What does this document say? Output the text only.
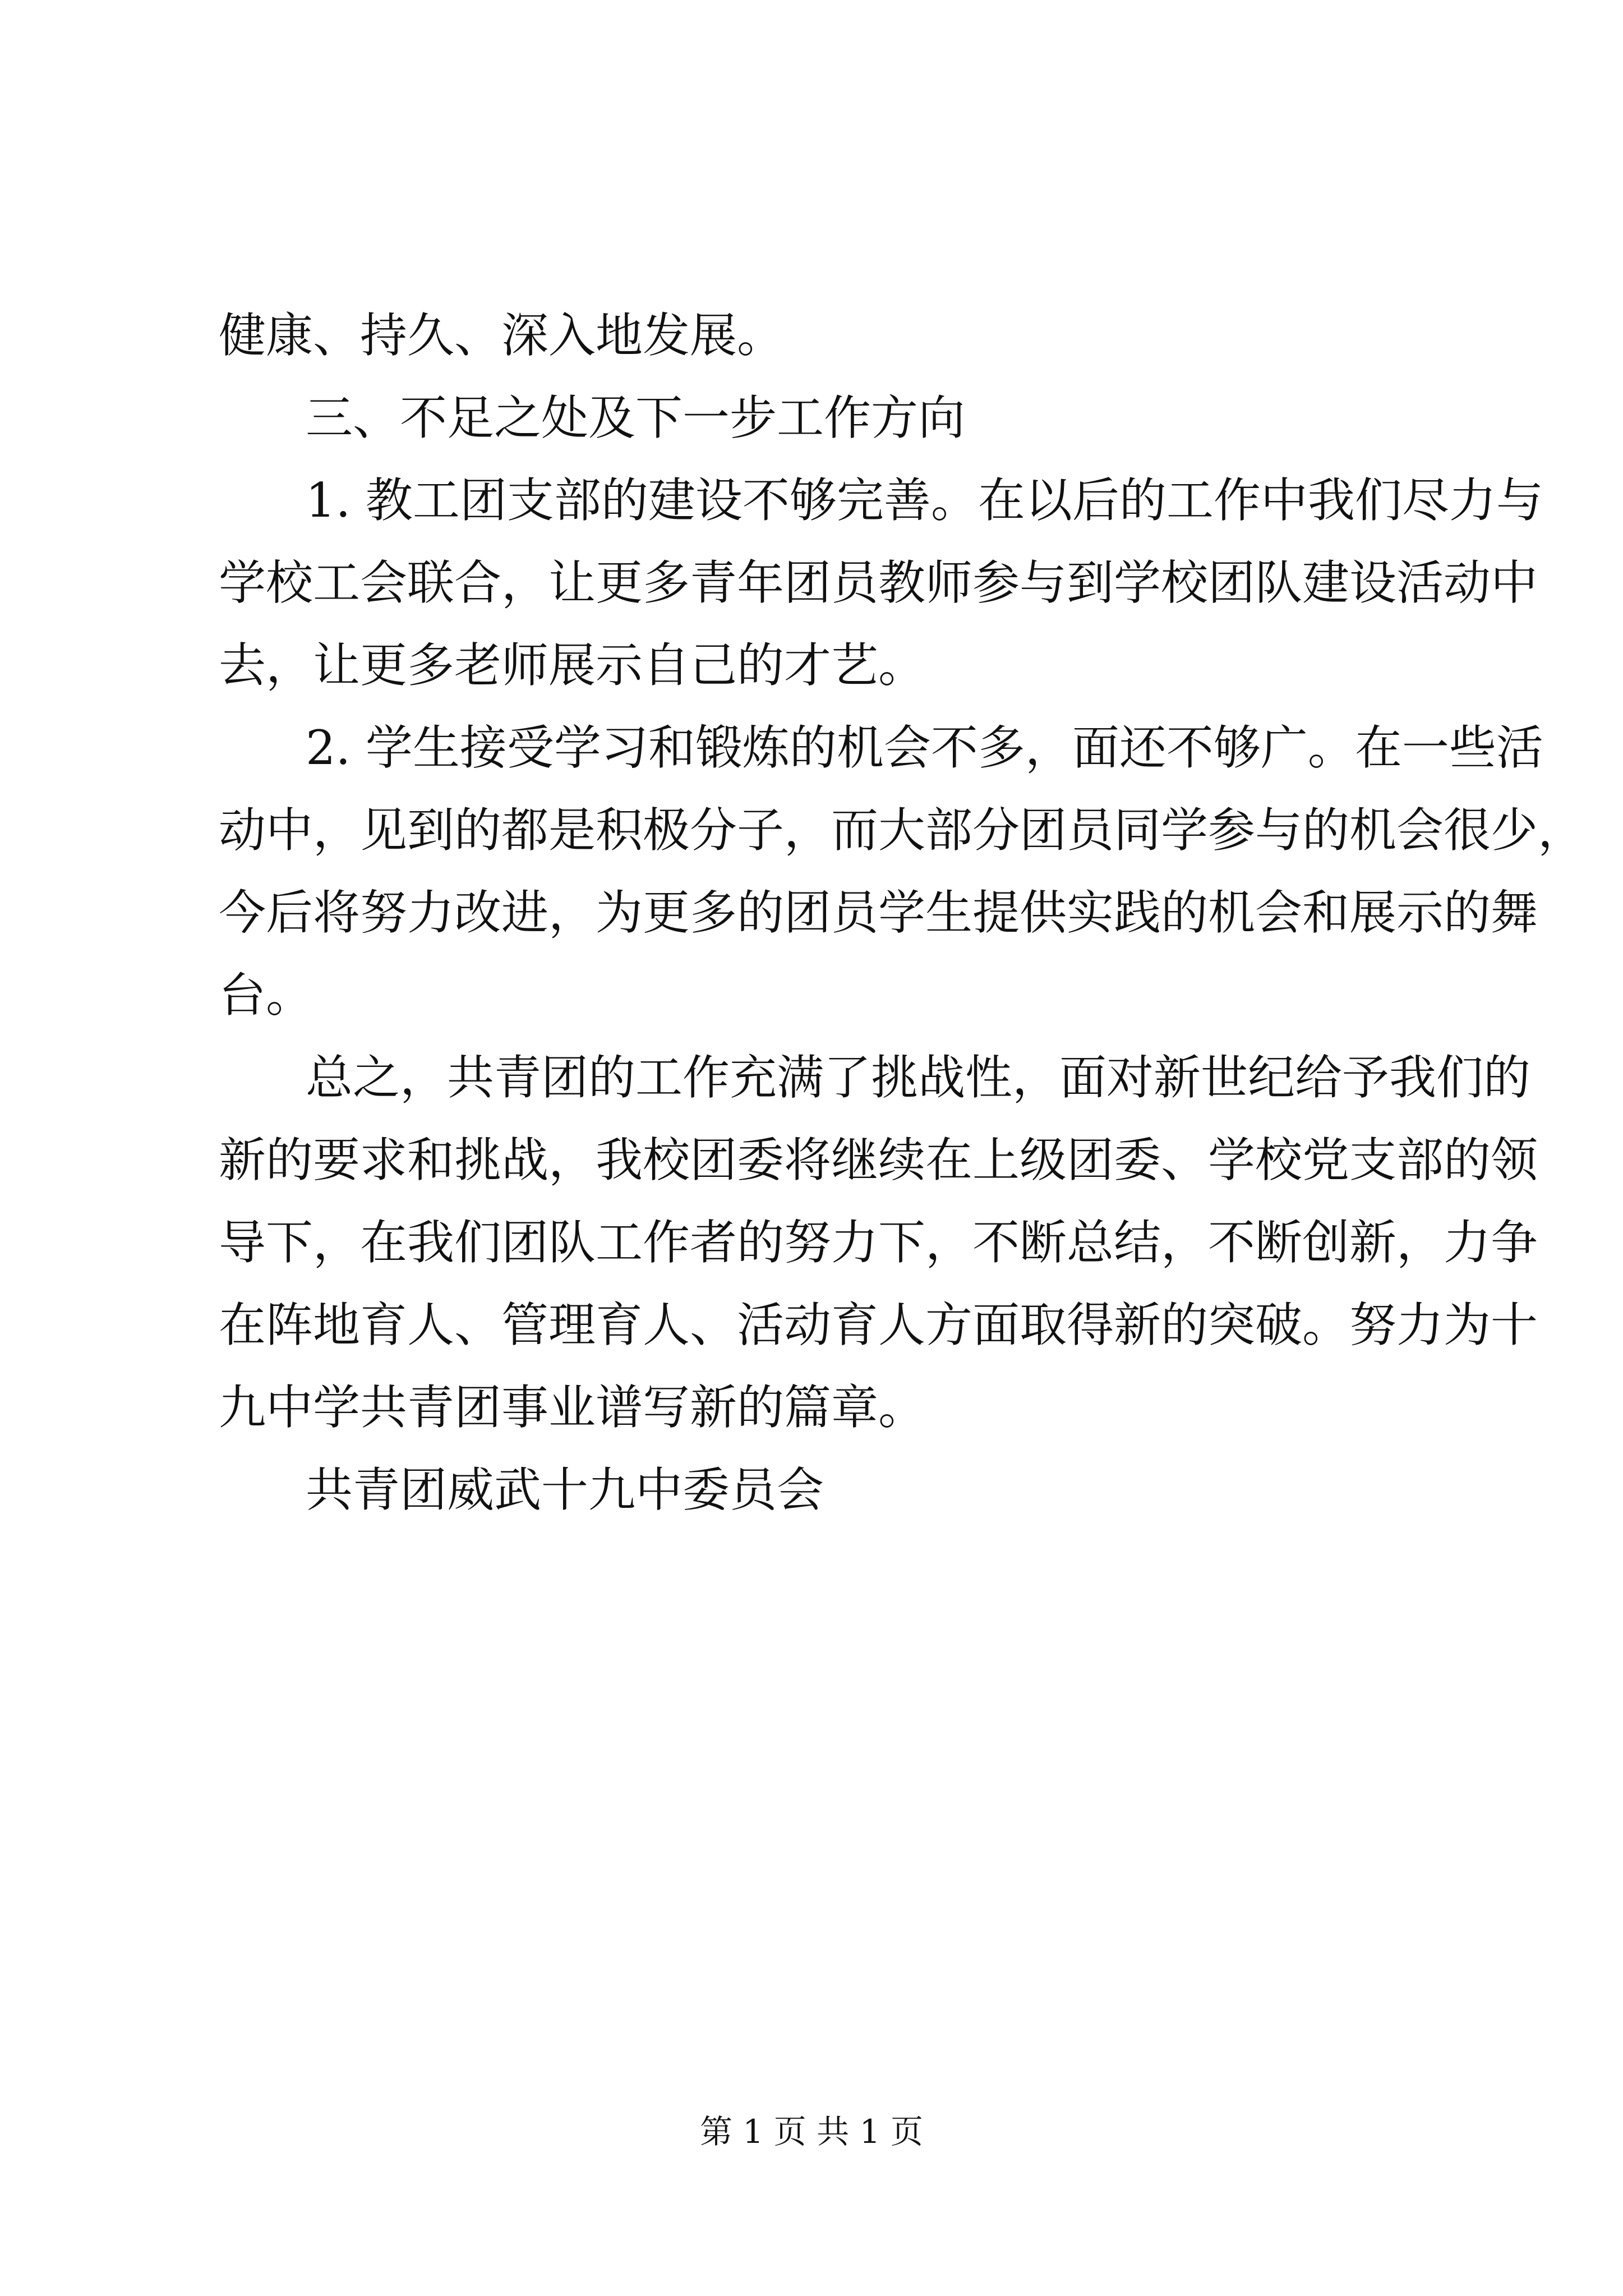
健康、持久、深入地发展。

三、不足之处及下一步工作方向

1. 教工团支部的建设不够完善。在以后的工作中我们尽力与

学校工会联合，让更多青年团员教师参与到学校团队建设活动中

去，让更多老师展示自己的才艺。

2. 学生接受学习和锻炼的机会不多，面还不够广。在一些活

动中，见到的都是积极分子，而大部分团员同学参与的机会很少，

今后将努力改进，为更多的团员学生提供实践的机会和展示的舞

台。

总之，共青团的工作充满了挑战性，面对新世纪给予我们的

新的要求和挑战，我校团委将继续在上级团委、学校党支部的领

导下，在我们团队工作者的努力下，不断总结，不断创新，力争

在阵地育人、管理育人、活动育人方面取得新的突破。努力为十

九中学共青团事业谱写新的篇章。

共青团威武十九中委员会

第 1 页 共 1 页
